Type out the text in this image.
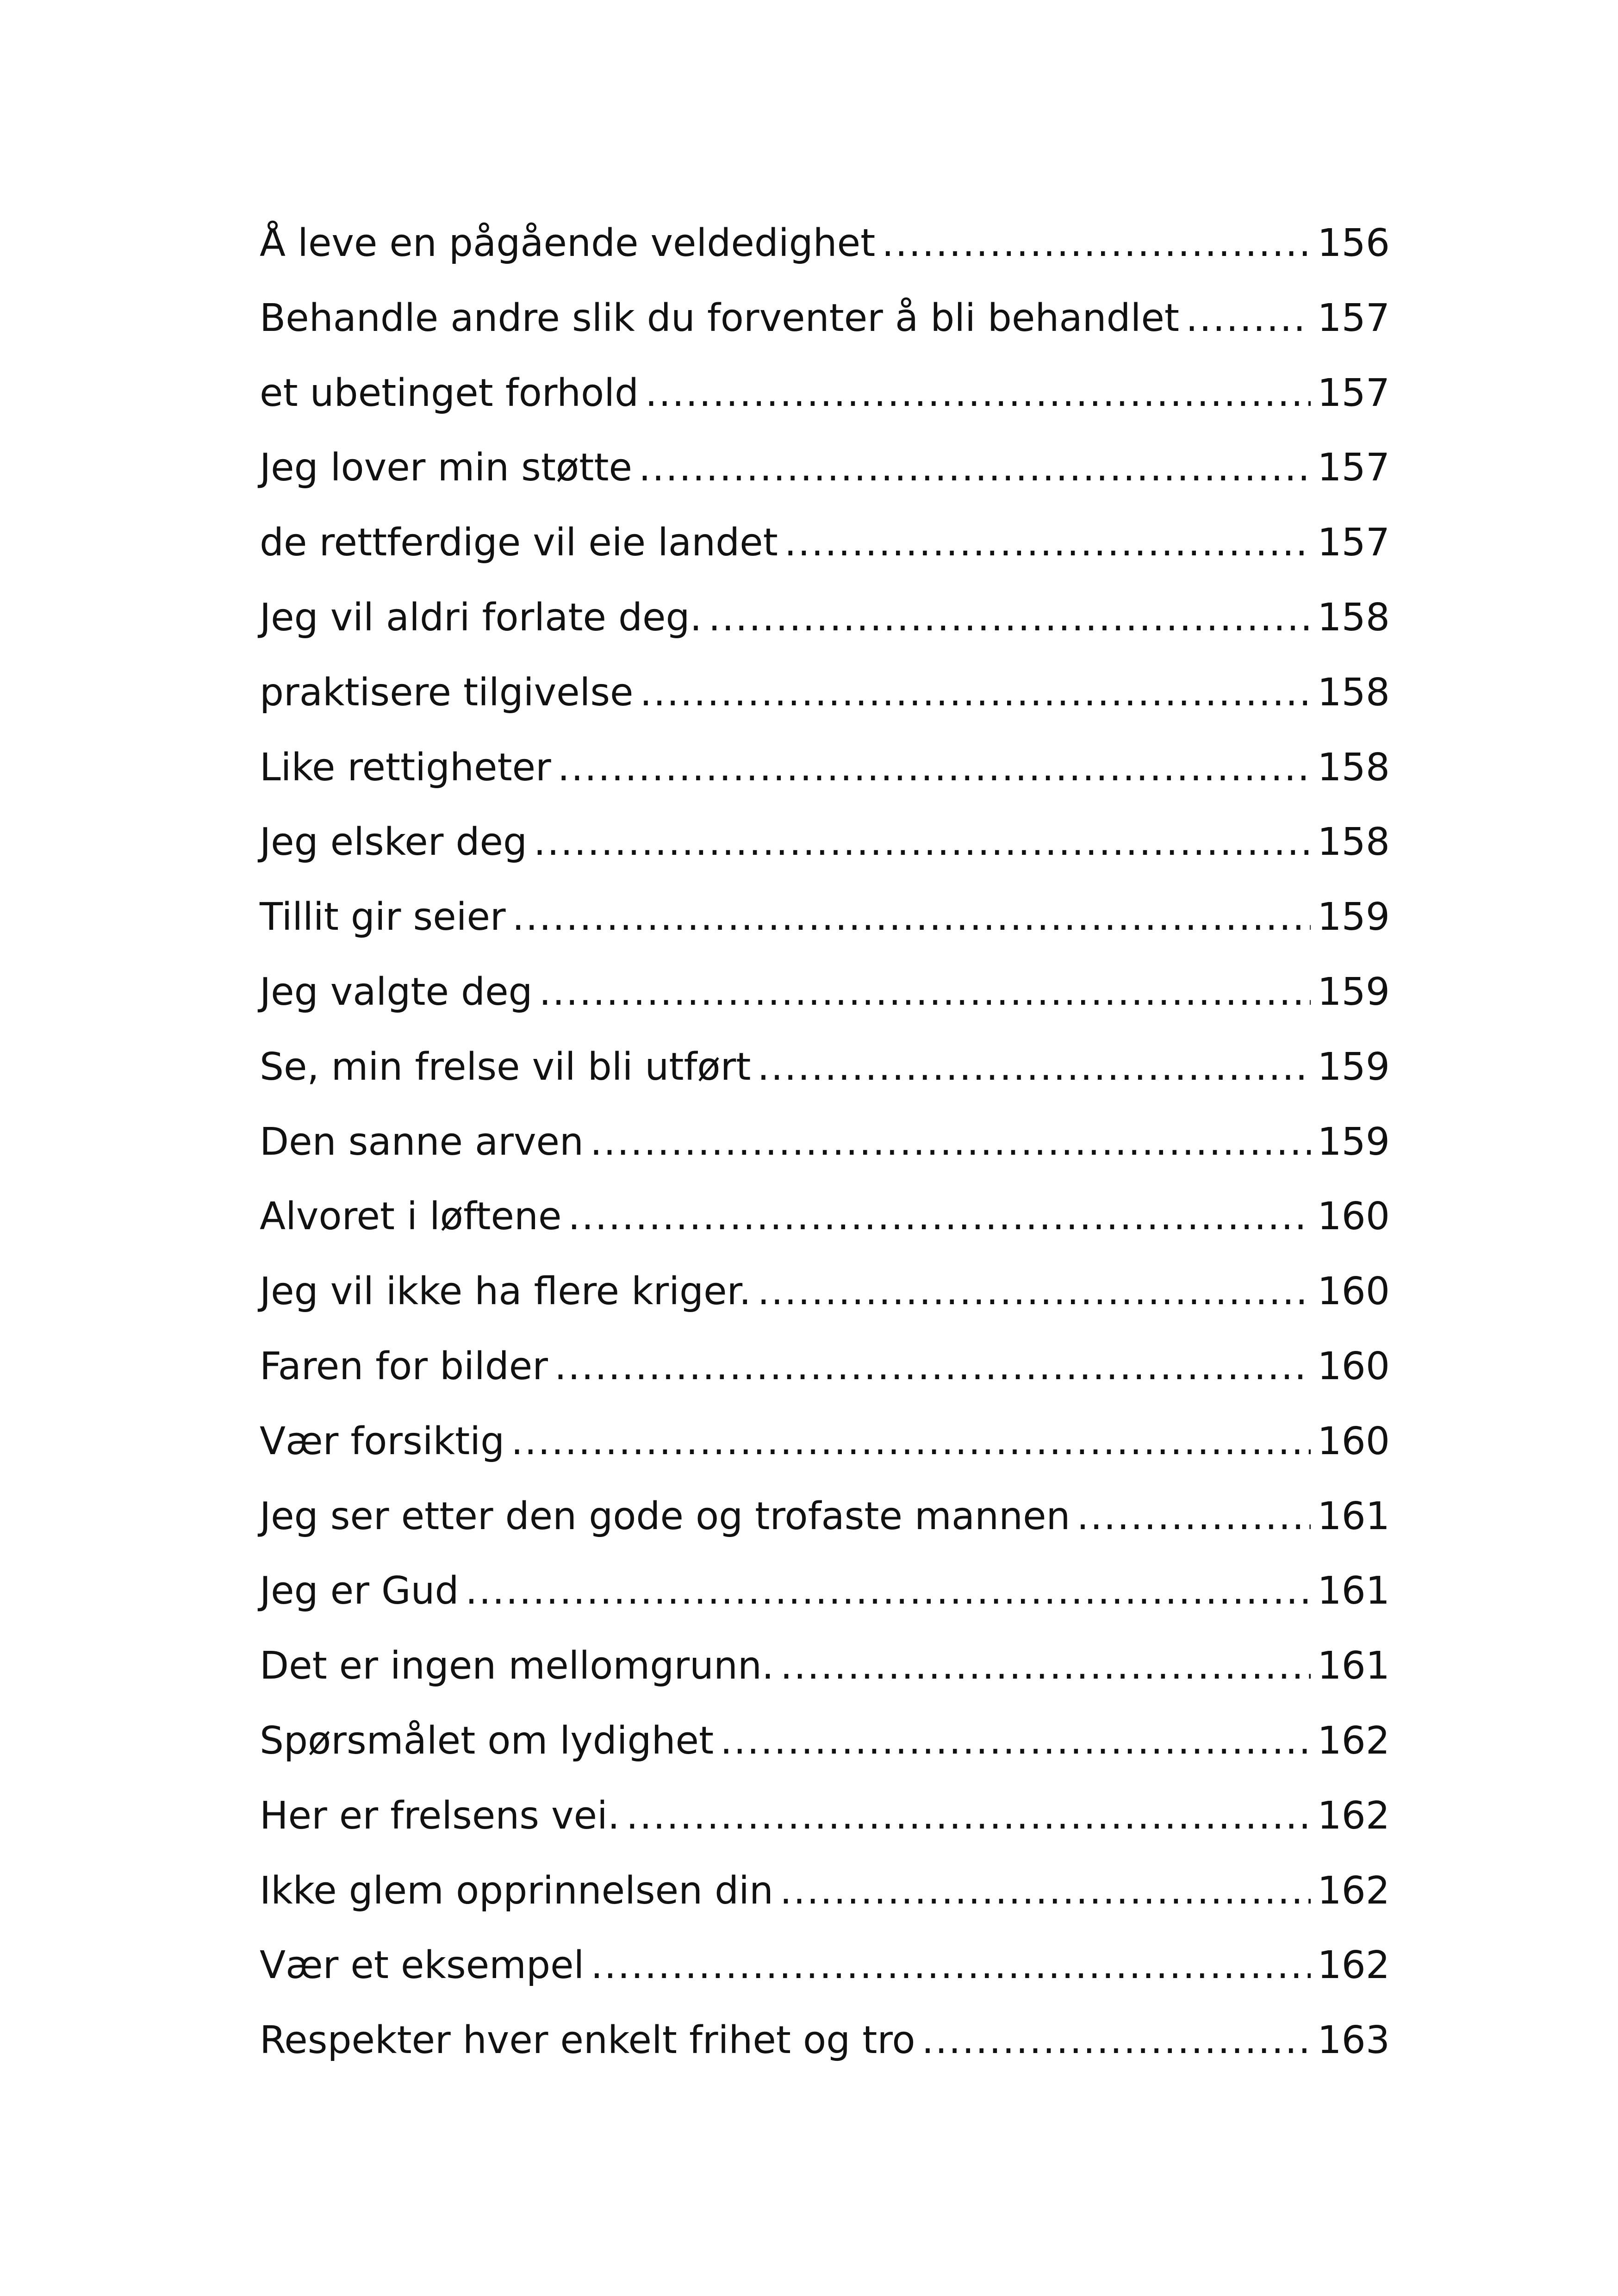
Å leve en pågående veldedighet .....	156
Behandle andre slik du forventer å bli behandlet .....	157
et ubetinget forhold .....	157
Jeg lover min støtte .....	157
de rettferdige vil eie landet .....	157
Jeg vil aldri forlate deg. .....	158
praktisere tilgivelse .....	158
Like rettigheter .....	158
Jeg elsker deg .....	158
Tillit gir seier .....	159
Jeg valgte deg .....	159
Se, min frelse vil bli utført .....	159
Den sanne arven .....	159
Alvoret i løftene .....	160
Jeg vil ikke ha flere kriger. .....	160
Faren for bilder .....	160
Vær forsiktig .....	160
Jeg ser etter den gode og trofaste mannen .....	161
Jeg er Gud .....	161
Det er ingen mellomgrunn. .....	161
Spørsmålet om lydighet .....	162
Her er frelsens vei. .....	162
Ikke glem opprinnelsen din .....	162
Vær et eksempel .....	162
Respekter hver enkelt frihet og tro .....	163
